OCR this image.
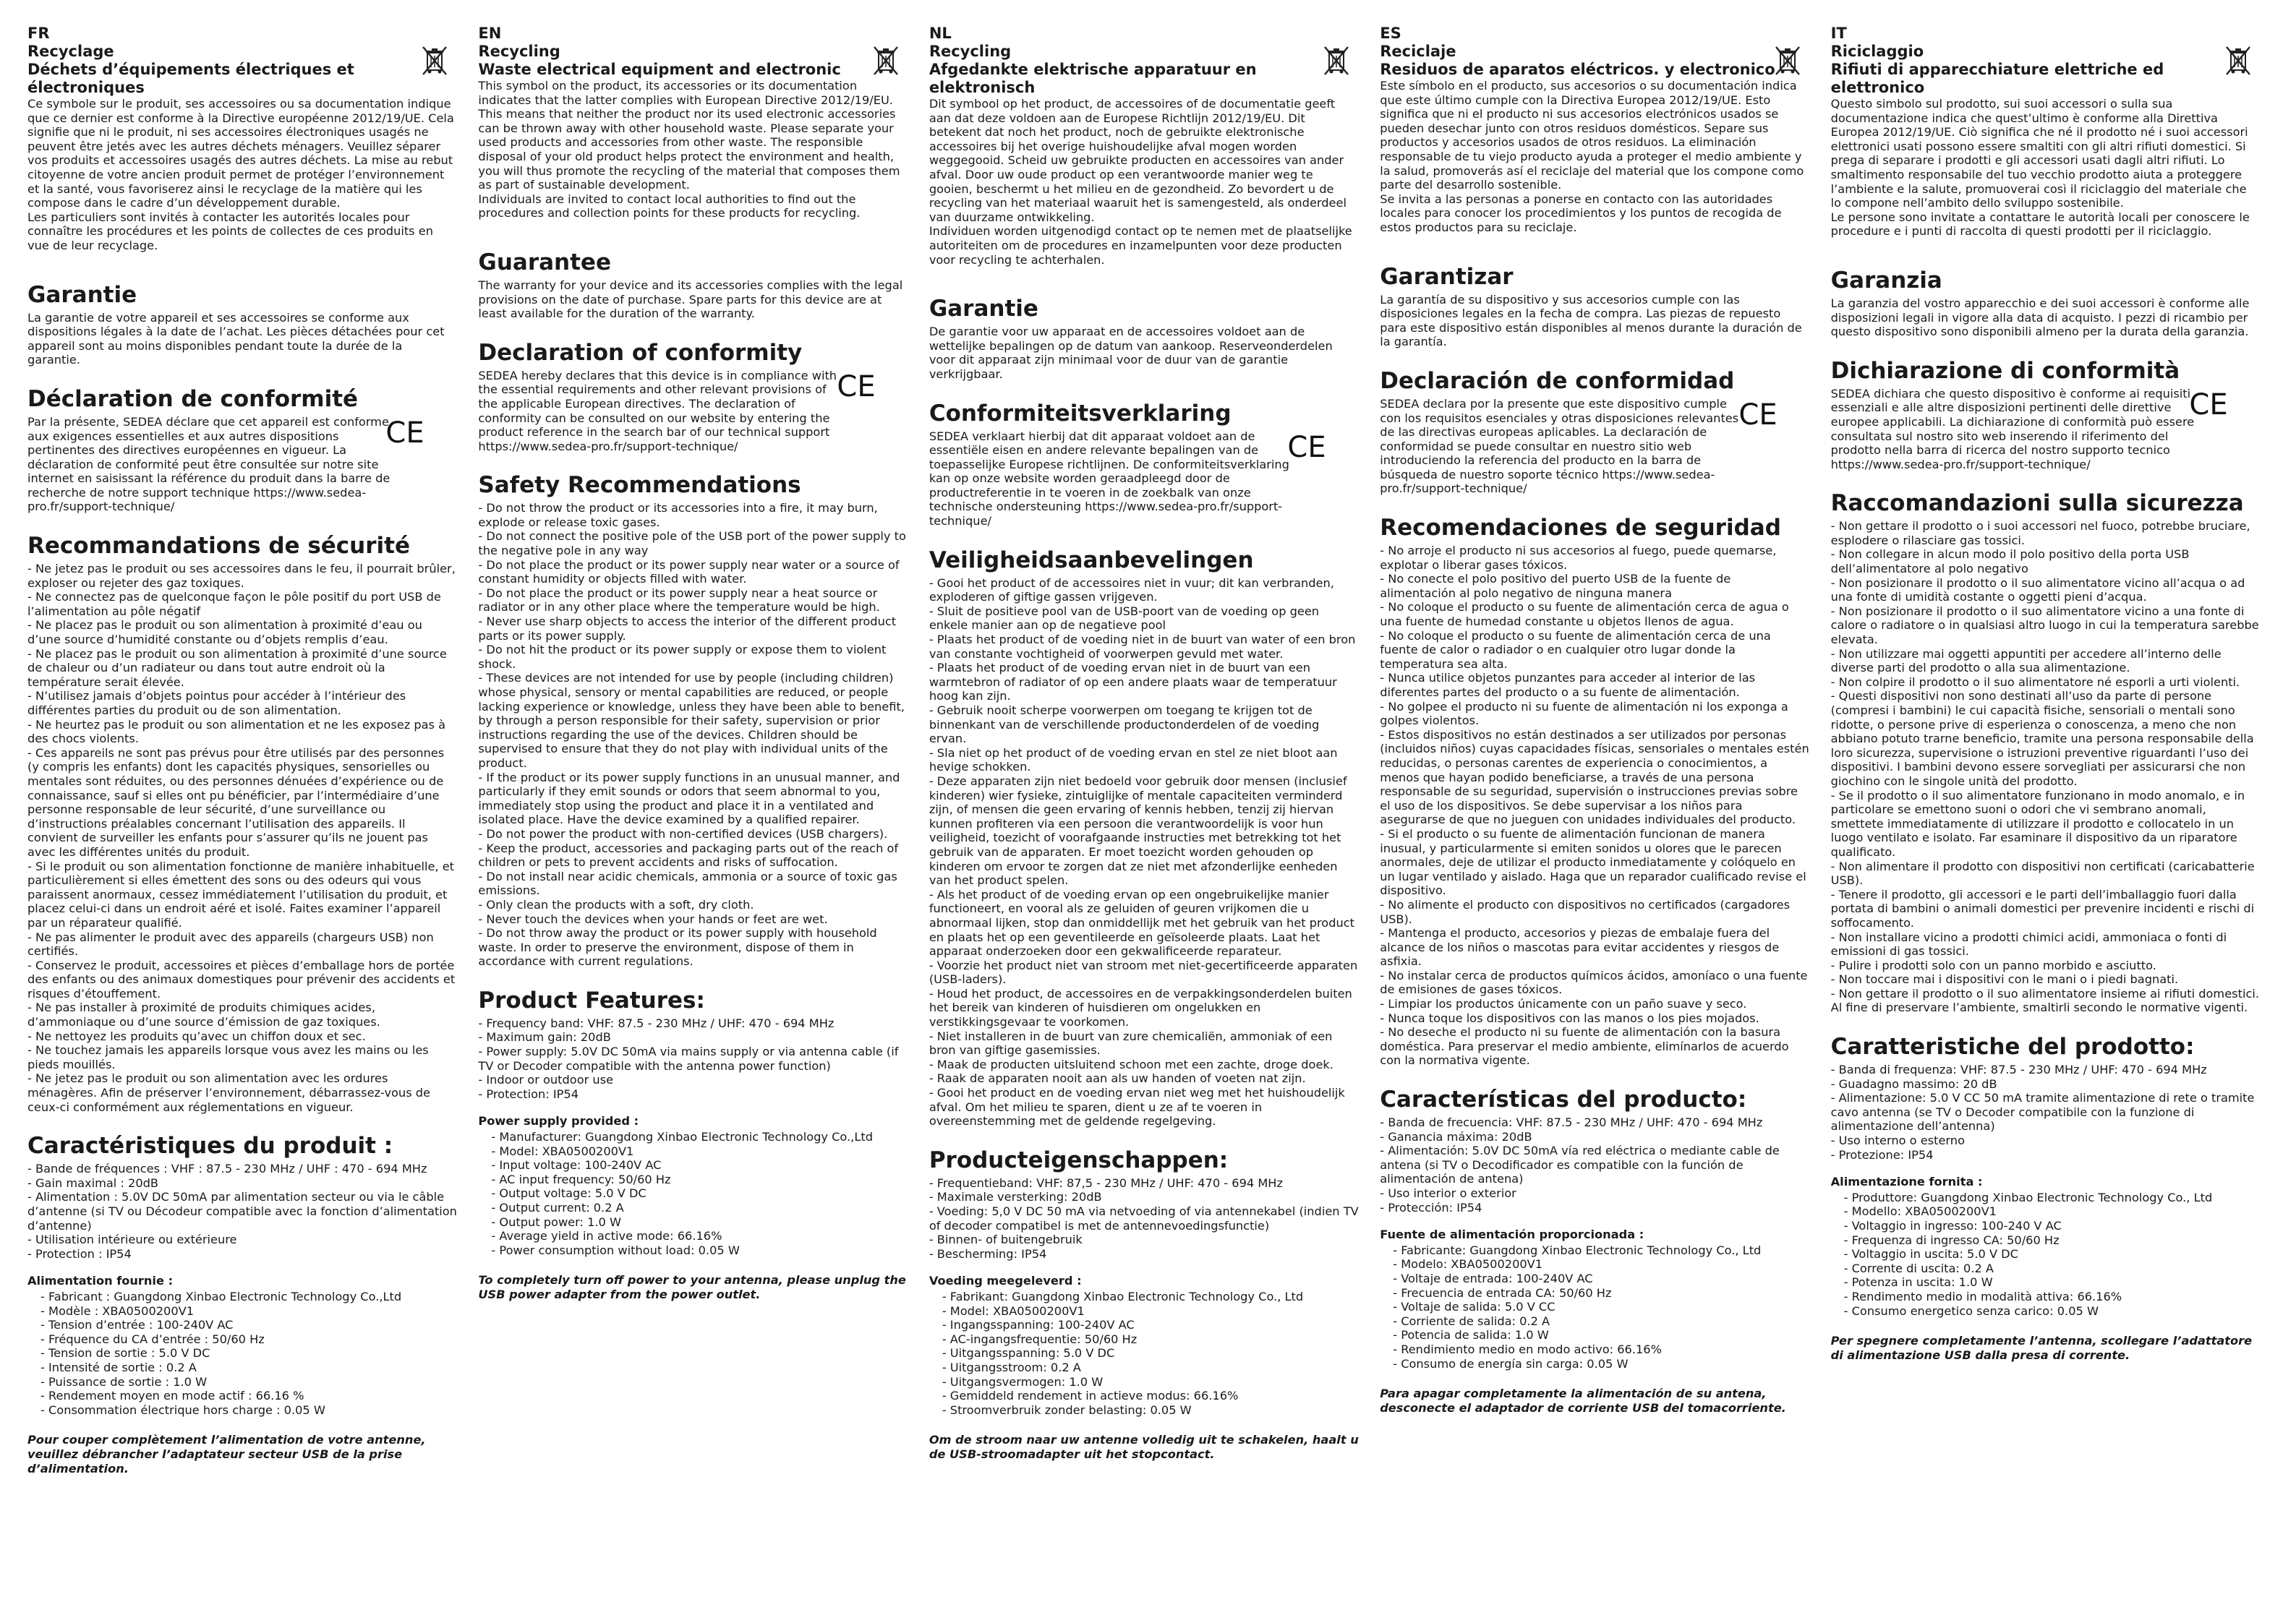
FR

Recyclage

Déchets d’équipements électriques et électroniques

Ce symbole sur le produit, ses accessoires ou sa documentation indique que ce dernier est conforme à la Directive européenne 2012/19/UE. Cela signifie que ni le produit, ni ses accessoires électroniques usagés ne peuvent être jetés avec les autres déchets ménagers. Veuillez séparer vos produits et accessoires usagés des autres déchets. La mise au rebut citoyenne de votre ancien produit permet de protéger l’environnement et la santé, vous favoriserez ainsi le recyclage de la matière qui les compose dans le cadre d’un développement durable.

Les particuliers sont invités à contacter les autorités locales pour connaître les procédures et les points de collectes de ces produits en vue de leur recyclage.

Garantie

La garantie de votre appareil et ses accessoires se conforme aux dispositions légales à la date de l’achat. Les pièces détachées pour cet appareil sont au moins disponibles pendant toute la durée de la garantie.

CE

Déclaration de conformité

Par la présente, SEDEA déclare que cet appareil est conforme aux exigences essentielles et aux autres dispositions pertinentes des directives européennes en vigueur. La déclaration de conformité peut être consultée sur notre site internet en saisissant la référence du produit dans la barre de recherche de notre support technique https://www.sedea-pro.fr/support-technique/

Recommandations de sécurité

- Ne jetez pas le produit ou ses accessoires dans le feu, il pourrait brûler, exploser ou rejeter des gaz toxiques.
- Ne connectez pas de quelconque façon le pôle positif du port USB de l’alimentation au pôle négatif
- Ne placez pas le produit ou son alimentation à proximité d’eau ou d’une source d’humidité constante ou d’objets remplis d’eau.
- Ne placez pas le produit ou son alimentation à proximité d’une source de chaleur ou d’un radiateur ou dans tout autre endroit où la température serait élevée.
- N’utilisez jamais d’objets pointus pour accéder à l’intérieur des différentes parties du produit ou de son alimentation.
- Ne heurtez pas le produit ou son alimentation et ne les exposez pas à des chocs violents.
- Ces appareils ne sont pas prévus pour être utilisés par des personnes (y compris les enfants) dont les capacités physiques, sensorielles ou mentales sont réduites, ou des personnes dénuées d’expérience ou de connaissance, sauf si elles ont pu bénéficier, par l’intermédiaire d’une personne responsable de leur sécurité, d’une surveillance ou d’instructions préalables concernant l’utilisation des appareils. Il convient de surveiller les enfants pour s’assurer qu’ils ne jouent pas avec les différentes unités du produit.
- Si le produit ou son alimentation fonctionne de manière inhabituelle, et particulièrement si elles émettent des sons ou des odeurs qui vous paraissent anormaux, cessez immédiatement l’utilisation du produit, et placez celui-ci dans un endroit aéré et isolé. Faites examiner l’appareil par un réparateur qualifié.
- Ne pas alimenter le produit avec des appareils (chargeurs USB) non certifiés.
- Conservez le produit, accessoires et pièces d’emballage hors de portée des enfants ou des animaux domestiques pour prévenir des accidents et risques d’étouffement.
- Ne pas installer à proximité de produits chimiques acides, d’ammoniaque ou d’une source d’émission de gaz toxiques.
- Ne nettoyez les produits qu’avec un chiffon doux et sec.
- Ne touchez jamais les appareils lorsque vous avez les mains ou les pieds mouillés.
- Ne jetez pas le produit ou son alimentation avec les ordures ménagères. Afin de préserver l’environnement, débarrassez-vous de ceux-ci conformément aux réglementations en vigueur.

Caractéristiques du produit :

- Bande de fréquences : VHF : 87.5 - 230 MHz / UHF : 470 - 694 MHz
- Gain maximal : 20dB
- Alimentation : 5.0V DC 50mA par alimentation secteur ou via le câble d’antenne (si TV ou Décodeur compatible avec la fonction d’alimentation d’antenne)
- Utilisation intérieure ou extérieure
- Protection : IP54

Alimentation fournie :

- Fabricant : Guangdong Xinbao Electronic Technology Co.,Ltd
- Modèle : XBA0500200V1
- Tension d’entrée : 100-240V AC
- Fréquence du CA d’entrée : 50/60 Hz
- Tension de sortie : 5.0 V DC
- Intensité de sortie : 0.2 A
- Puissance de sortie : 1.0 W
- Rendement moyen en mode actif : 66.16 %
- Consommation électrique hors charge : 0.05 W

Pour couper complètement l’alimentation de votre antenne, veuillez débrancher l’adaptateur secteur USB de la prise d’alimentation.

EN

Recycling

Waste electrical equipment and electronic

This symbol on the product, its accessories or its documentation indicates that the latter complies with European Directive 2012/19/EU. This means that neither the product nor its used electronic accessories can be thrown away with other household waste. Please separate your used products and accessories from other waste. The responsible disposal of your old product helps protect the environment and health, you will thus promote the recycling of the material that composes them as part of sustainable development.

Individuals are invited to contact local authorities to find out the procedures and collection points for these products for recycling.

Guarantee

The warranty for your device and its accessories complies with the legal provisions on the date of purchase. Spare parts for this device are at least available for the duration of the warranty.

CE

Declaration of conformity

SEDEA hereby declares that this device is in compliance with the essential requirements and other relevant provisions of the applicable European directives. The declaration of conformity can be consulted on our website by entering the product reference in the search bar of our technical support https://www.sedea-pro.fr/support-technique/

Safety Recommendations

- Do not throw the product or its accessories into a fire, it may burn, explode or release toxic gases.
- Do not connect the positive pole of the USB port of the power supply to the negative pole in any way
- Do not place the product or its power supply near water or a source of constant humidity or objects filled with water.
- Do not place the product or its power supply near a heat source or radiator or in any other place where the temperature would be high.
- Never use sharp objects to access the interior of the different product parts or its power supply.
- Do not hit the product or its power supply or expose them to violent shock.
- These devices are not intended for use by people (including children) whose physical, sensory or mental capabilities are reduced, or people lacking experience or knowledge, unless they have been able to benefit, by through a person responsible for their safety, supervision or prior instructions regarding the use of the devices. Children should be supervised to ensure that they do not play with individual units of the product.
- If the product or its power supply functions in an unusual manner, and particularly if they emit sounds or odors that seem abnormal to you, immediately stop using the product and place it in a ventilated and isolated place. Have the device examined by a qualified repairer.
- Do not power the product with non-certified devices (USB chargers).
- Keep the product, accessories and packaging parts out of the reach of children or pets to prevent accidents and risks of suffocation.
- Do not install near acidic chemicals, ammonia or a source of toxic gas emissions.
- Only clean the products with a soft, dry cloth.
- Never touch the devices when your hands or feet are wet.
- Do not throw away the product or its power supply with household waste. In order to preserve the environment, dispose of them in accordance with current regulations.

Product Features:

- Frequency band: VHF: 87.5 - 230 MHz / UHF: 470 - 694 MHz
- Maximum gain: 20dB
- Power supply: 5.0V DC 50mA via mains supply or via antenna cable (if TV or Decoder compatible with the antenna power function)
- Indoor or outdoor use
- Protection: IP54

Power supply provided :

- Manufacturer: Guangdong Xinbao Electronic Technology Co.,Ltd
- Model: XBA0500200V1
- Input voltage: 100-240V AC
- AC input frequency: 50/60 Hz
- Output voltage: 5.0 V DC
- Output current: 0.2 A
- Output power: 1.0 W
- Average yield in active mode: 66.16%
- Power consumption without load: 0.05 W

To completely turn off power to your antenna, please unplug the USB power adapter from the power outlet.

NL

Recycling

Afgedankte elektrische apparatuur en elektronisch

Dit symbool op het product, de accessoires of de documentatie geeft aan dat deze voldoen aan de Europese Richtlijn 2012/19/EU. Dit betekent dat noch het product, noch de gebruikte elektronische accessoires bij het overige huishoudelijke afval mogen worden weggegooid. Scheid uw gebruikte producten en accessoires van ander afval. Door uw oude product op een verantwoorde manier weg te gooien, beschermt u het milieu en de gezondheid. Zo bevordert u de recycling van het materiaal waaruit het is samengesteld, als onderdeel van duurzame ontwikkeling.

Individuen worden uitgenodigd contact op te nemen met de plaatselijke autoriteiten om de procedures en inzamelpunten voor deze producten voor recycling te achterhalen.

Garantie

De garantie voor uw apparaat en de accessoires voldoet aan de wettelijke bepalingen op de datum van aankoop. Reserveonderdelen voor dit apparaat zijn minimaal voor de duur van de garantie verkrijgbaar.

CE

Conformiteitsverklaring

SEDEA verklaart hierbij dat dit apparaat voldoet aan de essentiële eisen en andere relevante bepalingen van de toepasselijke Europese richtlijnen. De conformiteitsverklaring kan op onze website worden geraadpleegd door de productreferentie in te voeren in de zoekbalk van onze technische ondersteuning https://www.sedea-pro.fr/support-technique/

Veiligheidsaanbevelingen

- Gooi het product of de accessoires niet in vuur; dit kan verbranden, exploderen of giftige gassen vrijgeven.
- Sluit de positieve pool van de USB-poort van de voeding op geen enkele manier aan op de negatieve pool
- Plaats het product of de voeding niet in de buurt van water of een bron van constante vochtigheid of voorwerpen gevuld met water.
- Plaats het product of de voeding ervan niet in de buurt van een warmtebron of radiator of op een andere plaats waar de temperatuur hoog kan zijn.
- Gebruik nooit scherpe voorwerpen om toegang te krijgen tot de binnenkant van de verschillende productonderdelen of de voeding ervan.
- Sla niet op het product of de voeding ervan en stel ze niet bloot aan hevige schokken.
- Deze apparaten zijn niet bedoeld voor gebruik door mensen (inclusief kinderen) wier fysieke, zintuiglijke of mentale capaciteiten verminderd zijn, of mensen die geen ervaring of kennis hebben, tenzij zij hiervan kunnen profiteren via een persoon die verantwoordelijk is voor hun veiligheid, toezicht of voorafgaande instructies met betrekking tot het gebruik van de apparaten. Er moet toezicht worden gehouden op kinderen om ervoor te zorgen dat ze niet met afzonderlijke eenheden van het product spelen.
- Als het product of de voeding ervan op een ongebruikelijke manier functioneert, en vooral als ze geluiden of geuren vrijkomen die u abnormaal lijken, stop dan onmiddellijk met het gebruik van het product en plaats het op een geventileerde en geïsoleerde plaats. Laat het apparaat onderzoeken door een gekwalificeerde reparateur.
- Voorzie het product niet van stroom met niet-gecertificeerde apparaten (USB-laders).
- Houd het product, de accessoires en de verpakkingsonderdelen buiten het bereik van kinderen of huisdieren om ongelukken en verstikkingsgevaar te voorkomen.
- Niet installeren in de buurt van zure chemicaliën, ammoniak of een bron van giftige gasemissies.
- Maak de producten uitsluitend schoon met een zachte, droge doek.
- Raak de apparaten nooit aan als uw handen of voeten nat zijn.
- Gooi het product en de voeding ervan niet weg met het huishoudelijk afval. Om het milieu te sparen, dient u ze af te voeren in overeenstemming met de geldende regelgeving.

Producteigenschappen:

- Frequentieband: VHF: 87,5 - 230 MHz / UHF: 470 - 694 MHz
- Maximale versterking: 20dB
- Voeding: 5,0 V DC 50 mA via netvoeding of via antennekabel (indien TV of decoder compatibel is met de antennevoedingsfunctie)
- Binnen- of buitengebruik
- Bescherming: IP54

Voeding meegeleverd :

- Fabrikant: Guangdong Xinbao Electronic Technology Co., Ltd
- Model: XBA0500200V1
- Ingangsspanning: 100-240V AC
- AC-ingangsfrequentie: 50/60 Hz
- Uitgangsspanning: 5.0 V DC
- Uitgangsstroom: 0.2 A
- Uitgangsvermogen: 1.0 W
- Gemiddeld rendement in actieve modus: 66.16%
- Stroomverbruik zonder belasting: 0.05 W

Om de stroom naar uw antenne volledig uit te schakelen, haalt u de USB-stroomadapter uit het stopcontact.

ES

Reciclaje

Residuos de aparatos eléctricos. y electronico

Este símbolo en el producto, sus accesorios o su documentación indica que este último cumple con la Directiva Europea 2012/19/UE. Esto significa que ni el producto ni sus accesorios electrónicos usados se pueden desechar junto con otros residuos domésticos. Separe sus productos y accesorios usados de otros residuos. La eliminación responsable de tu viejo producto ayuda a proteger el medio ambiente y la salud, promoverás así el reciclaje del material que los compone como parte del desarrollo sostenible.

Se invita a las personas a ponerse en contacto con las autoridades locales para conocer los procedimientos y los puntos de recogida de estos productos para su reciclaje.

Garantizar

La garantía de su dispositivo y sus accesorios cumple con las disposiciones legales en la fecha de compra. Las piezas de repuesto para este dispositivo están disponibles al menos durante la duración de la garantía.

CE

Declaración de conformidad

SEDEA declara por la presente que este dispositivo cumple con los requisitos esenciales y otras disposiciones relevantes de las directivas europeas aplicables. La declaración de conformidad se puede consultar en nuestro sitio web introduciendo la referencia del producto en la barra de búsqueda de nuestro soporte técnico https://www.sedea-pro.fr/support-technique/

Recomendaciones de seguridad

- No arroje el producto ni sus accesorios al fuego, puede quemarse, explotar o liberar gases tóxicos.
- No conecte el polo positivo del puerto USB de la fuente de alimentación al polo negativo de ninguna manera
- No coloque el producto o su fuente de alimentación cerca de agua o una fuente de humedad constante u objetos llenos de agua.
- No coloque el producto o su fuente de alimentación cerca de una fuente de calor o radiador o en cualquier otro lugar donde la temperatura sea alta.
- Nunca utilice objetos punzantes para acceder al interior de las diferentes partes del producto o a su fuente de alimentación.
- No golpee el producto ni su fuente de alimentación ni los exponga a golpes violentos.
- Estos dispositivos no están destinados a ser utilizados por personas (incluidos niños) cuyas capacidades físicas, sensoriales o mentales estén reducidas, o personas carentes de experiencia o conocimientos, a menos que hayan podido beneficiarse, a través de una persona responsable de su seguridad, supervisión o instrucciones previas sobre el uso de los dispositivos. Se debe supervisar a los niños para asegurarse de que no jueguen con unidades individuales del producto.
- Si el producto o su fuente de alimentación funcionan de manera inusual, y particularmente si emiten sonidos u olores que le parecen anormales, deje de utilizar el producto inmediatamente y colóquelo en un lugar ventilado y aislado. Haga que un reparador cualificado revise el dispositivo.
- No alimente el producto con dispositivos no certificados (cargadores USB).
- Mantenga el producto, accesorios y piezas de embalaje fuera del alcance de los niños o mascotas para evitar accidentes y riesgos de asfixia.
- No instalar cerca de productos químicos ácidos, amoníaco o una fuente de emisiones de gases tóxicos.
- Limpiar los productos únicamente con un paño suave y seco.
- Nunca toque los dispositivos con las manos o los pies mojados.
- No deseche el producto ni su fuente de alimentación con la basura doméstica. Para preservar el medio ambiente, elimínarlos de acuerdo con la normativa vigente.

Características del producto:

- Banda de frecuencia: VHF: 87.5 - 230 MHz / UHF: 470 - 694 MHz
- Ganancia máxima: 20dB
- Alimentación: 5.0V DC 50mA vía red eléctrica o mediante cable de antena (si TV o Decodificador es compatible con la función de alimentación de antena)
- Uso interior o exterior
- Protección: IP54

Fuente de alimentación proporcionada :

- Fabricante: Guangdong Xinbao Electronic Technology Co., Ltd
- Modelo: XBA0500200V1
- Voltaje de entrada: 100-240V AC
- Frecuencia de entrada CA: 50/60 Hz
- Voltaje de salida: 5.0 V CC
- Corriente de salida: 0.2 A
- Potencia de salida: 1.0 W
- Rendimiento medio en modo activo: 66.16%
- Consumo de energía sin carga: 0.05 W

Para apagar completamente la alimentación de su antena, desconecte el adaptador de corriente USB del tomacorriente.

IT

Riciclaggio

Rifiuti di apparecchiature elettriche ed elettronico

Questo simbolo sul prodotto, sui suoi accessori o sulla sua documentazione indica che quest’ultimo è conforme alla Direttiva Europea 2012/19/UE. Ciò significa che né il prodotto né i suoi accessori elettronici usati possono essere smaltiti con gli altri rifiuti domestici. Si prega di separare i prodotti e gli accessori usati dagli altri rifiuti. Lo smaltimento responsabile del tuo vecchio prodotto aiuta a proteggere l’ambiente e la salute, promuoverai così il riciclaggio del materiale che lo compone nell’ambito dello sviluppo sostenibile.

Le persone sono invitate a contattare le autorità locali per conoscere le procedure e i punti di raccolta di questi prodotti per il riciclaggio.

Garanzia

La garanzia del vostro apparecchio e dei suoi accessori è conforme alle disposizioni legali in vigore alla data di acquisto. I pezzi di ricambio per questo dispositivo sono disponibili almeno per la durata della garanzia.

CE

Dichiarazione di conformità

SEDEA dichiara che questo dispositivo è conforme ai requisiti essenziali e alle altre disposizioni pertinenti delle direttive europee applicabili. La dichiarazione di conformità può essere consultata sul nostro sito web inserendo il riferimento del prodotto nella barra di ricerca del nostro supporto tecnico https://www.sedea-pro.fr/support-technique/

Raccomandazioni sulla sicurezza

- Non gettare il prodotto o i suoi accessori nel fuoco, potrebbe bruciare, esplodere o rilasciare gas tossici.
- Non collegare in alcun modo il polo positivo della porta USB dell’alimentatore al polo negativo
- Non posizionare il prodotto o il suo alimentatore vicino all’acqua o ad una fonte di umidità costante o oggetti pieni d’acqua.
- Non posizionare il prodotto o il suo alimentatore vicino a una fonte di calore o radiatore o in qualsiasi altro luogo in cui la temperatura sarebbe elevata.
- Non utilizzare mai oggetti appuntiti per accedere all’interno delle diverse parti del prodotto o alla sua alimentazione.
- Non colpire il prodotto o il suo alimentatore né esporli a urti violenti.
- Questi dispositivi non sono destinati all’uso da parte di persone (compresi i bambini) le cui capacità fisiche, sensoriali o mentali sono ridotte, o persone prive di esperienza o conoscenza, a meno che non abbiano potuto trarne beneficio, tramite una persona responsabile della loro sicurezza, supervisione o istruzioni preventive riguardanti l’uso dei dispositivi. I bambini devono essere sorvegliati per assicurarsi che non giochino con le singole unità del prodotto.
- Se il prodotto o il suo alimentatore funzionano in modo anomalo, e in particolare se emettono suoni o odori che vi sembrano anomali, smettete immediatamente di utilizzare il prodotto e collocatelo in un luogo ventilato e isolato. Far esaminare il dispositivo da un riparatore qualificato.
- Non alimentare il prodotto con dispositivi non certificati (caricabatterie USB).
- Tenere il prodotto, gli accessori e le parti dell’imballaggio fuori dalla portata di bambini o animali domestici per prevenire incidenti e rischi di soffocamento.
- Non installare vicino a prodotti chimici acidi, ammoniaca o fonti di emissioni di gas tossici.
- Pulire i prodotti solo con un panno morbido e asciutto.
- Non toccare mai i dispositivi con le mani o i piedi bagnati.
- Non gettare il prodotto o il suo alimentatore insieme ai rifiuti domestici. Al fine di preservare l’ambiente, smaltirli secondo le normative vigenti.

Caratteristiche del prodotto:

- Banda di frequenza: VHF: 87.5 - 230 MHz / UHF: 470 - 694 MHz
- Guadagno massimo: 20 dB
- Alimentazione: 5.0 V CC 50 mA tramite alimentazione di rete o tramite cavo antenna (se TV o Decoder compatibile con la funzione di alimentazione dell’antenna)
- Uso interno o esterno
- Protezione: IP54

Alimentazione fornita :

- Produttore: Guangdong Xinbao Electronic Technology Co., Ltd
- Modello: XBA0500200V1
- Voltaggio in ingresso: 100-240 V AC
- Frequenza di ingresso CA: 50/60 Hz
- Voltaggio in uscita: 5.0 V DC
- Corrente di uscita: 0.2 A
- Potenza in uscita: 1.0 W
- Rendimento medio in modalità attiva: 66.16%
- Consumo energetico senza carico: 0.05 W

Per spegnere completamente l’antenna, scollegare l’adattatore di alimentazione USB dalla presa di corrente.
